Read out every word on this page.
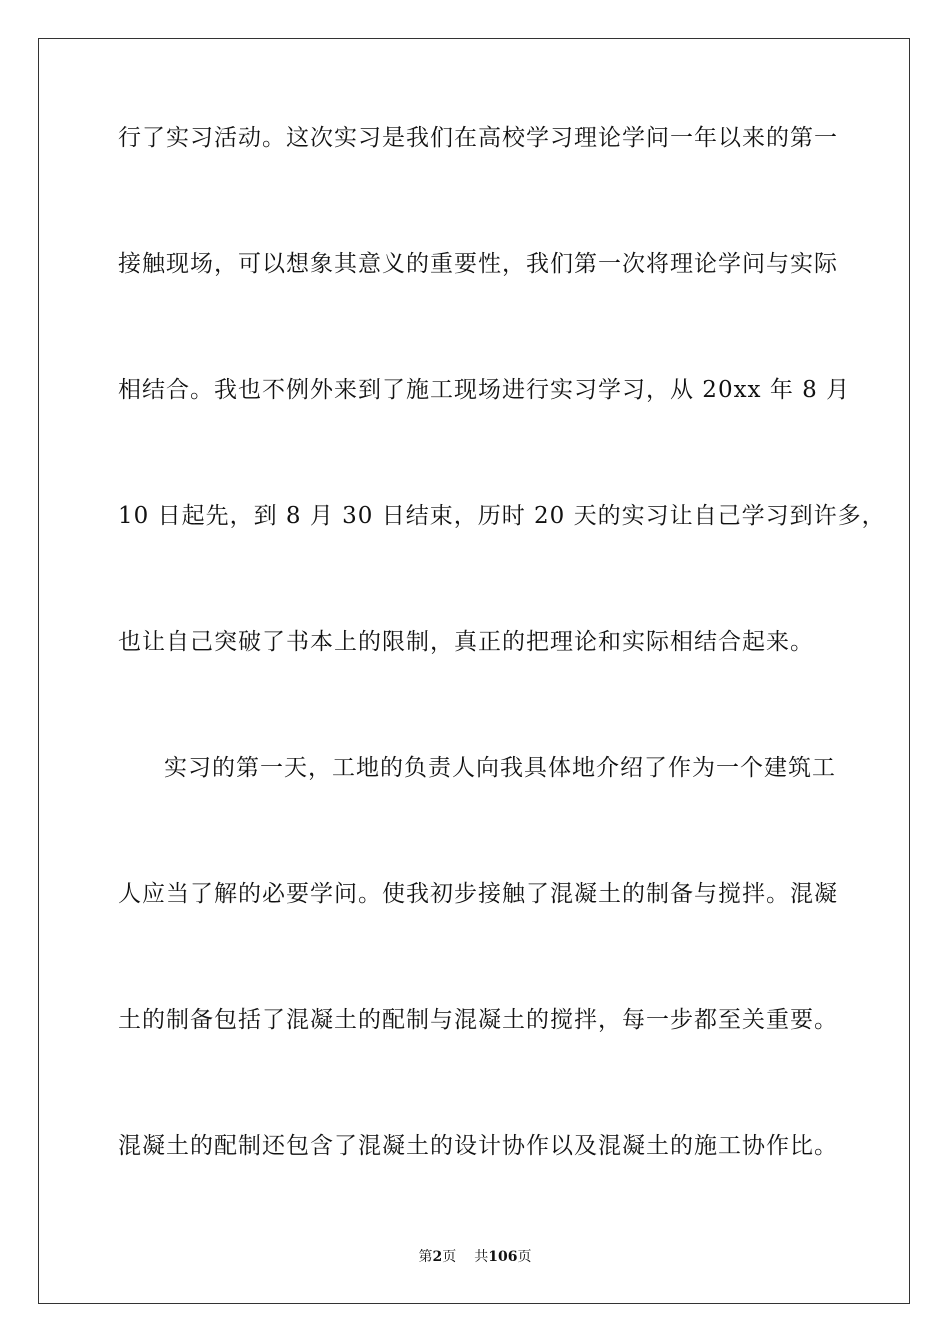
行了实习活动。这次实习是我们在高校学习理论学问一年以来的第一
接触现场，可以想象其意义的重要性，我们第一次将理论学问与实际
相结合。我也不例外来到了施工现场进行实习学习，从 20xx 年 8 月
10 日起先，到 8 月 30 日结束，历时 20 天的实习让自己学习到许多，
也让自己突破了书本上的限制，真正的把理论和实际相结合起来。
实习的第一天，工地的负责人向我具体地介绍了作为一个建筑工
人应当了解的必要学问。使我初步接触了混凝土的制备与搅拌。混凝
土的制备包括了混凝土的配制与混凝土的搅拌，每一步都至关重要。
混凝土的配制还包含了混凝土的设计协作以及混凝土的施工协作比。
第2页 共106页
